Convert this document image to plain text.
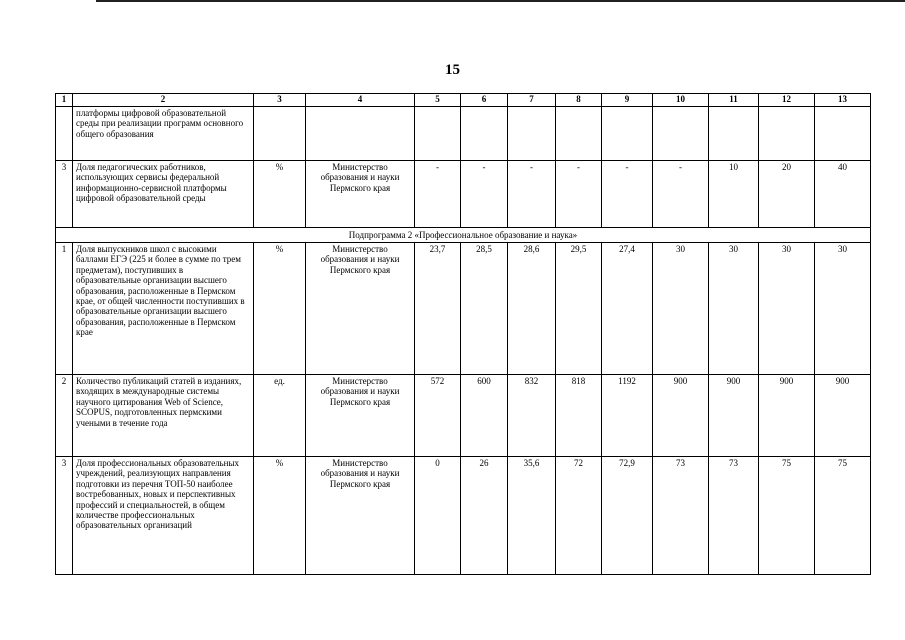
15
1	2	3	4	5	6	7	8	9	10	11	12	13
	платформы цифровой образовательной среды при реализации программ основного общего образования											
3	Доля педагогических работников, использующих сервисы федеральной информационно-сервисной платформы цифровой образовательной среды	%	Министерство образования и науки Пермского края	-	-	-	-	-	-	10	20	40
Подпрограмма 2 «Профессиональное образование и наука»												
1	Доля выпускников школ с высокими баллами ЕГЭ (225 и более в сумме по трем предметам), поступивших в образовательные организации высшего образования, расположенные в Пермском крае, от общей численности поступивших в образовательные организации высшего образования, расположенные в Пермском крае	%	Министерство образования и науки Пермского края	23,7	28,5	28,6	29,5	27,4	30	30	30	30
2	Количество публикаций статей в изданиях, входящих в международные системы научного цитирования Web of Science, SCOPUS, подготовленных пермскими учеными в течение года	ед.	Министерство образования и науки Пермского края	572	600	832	818	1192	900	900	900	900
3	Доля профессиональных образовательных учреждений, реализующих направления подготовки из перечня ТОП-50 наиболее востребованных, новых и перспективных профессий и специальностей, в общем количестве профессиональных образовательных организаций	%	Министерство образования и науки Пермского края	0	26	35,6	72	72,9	73	73	75	75
